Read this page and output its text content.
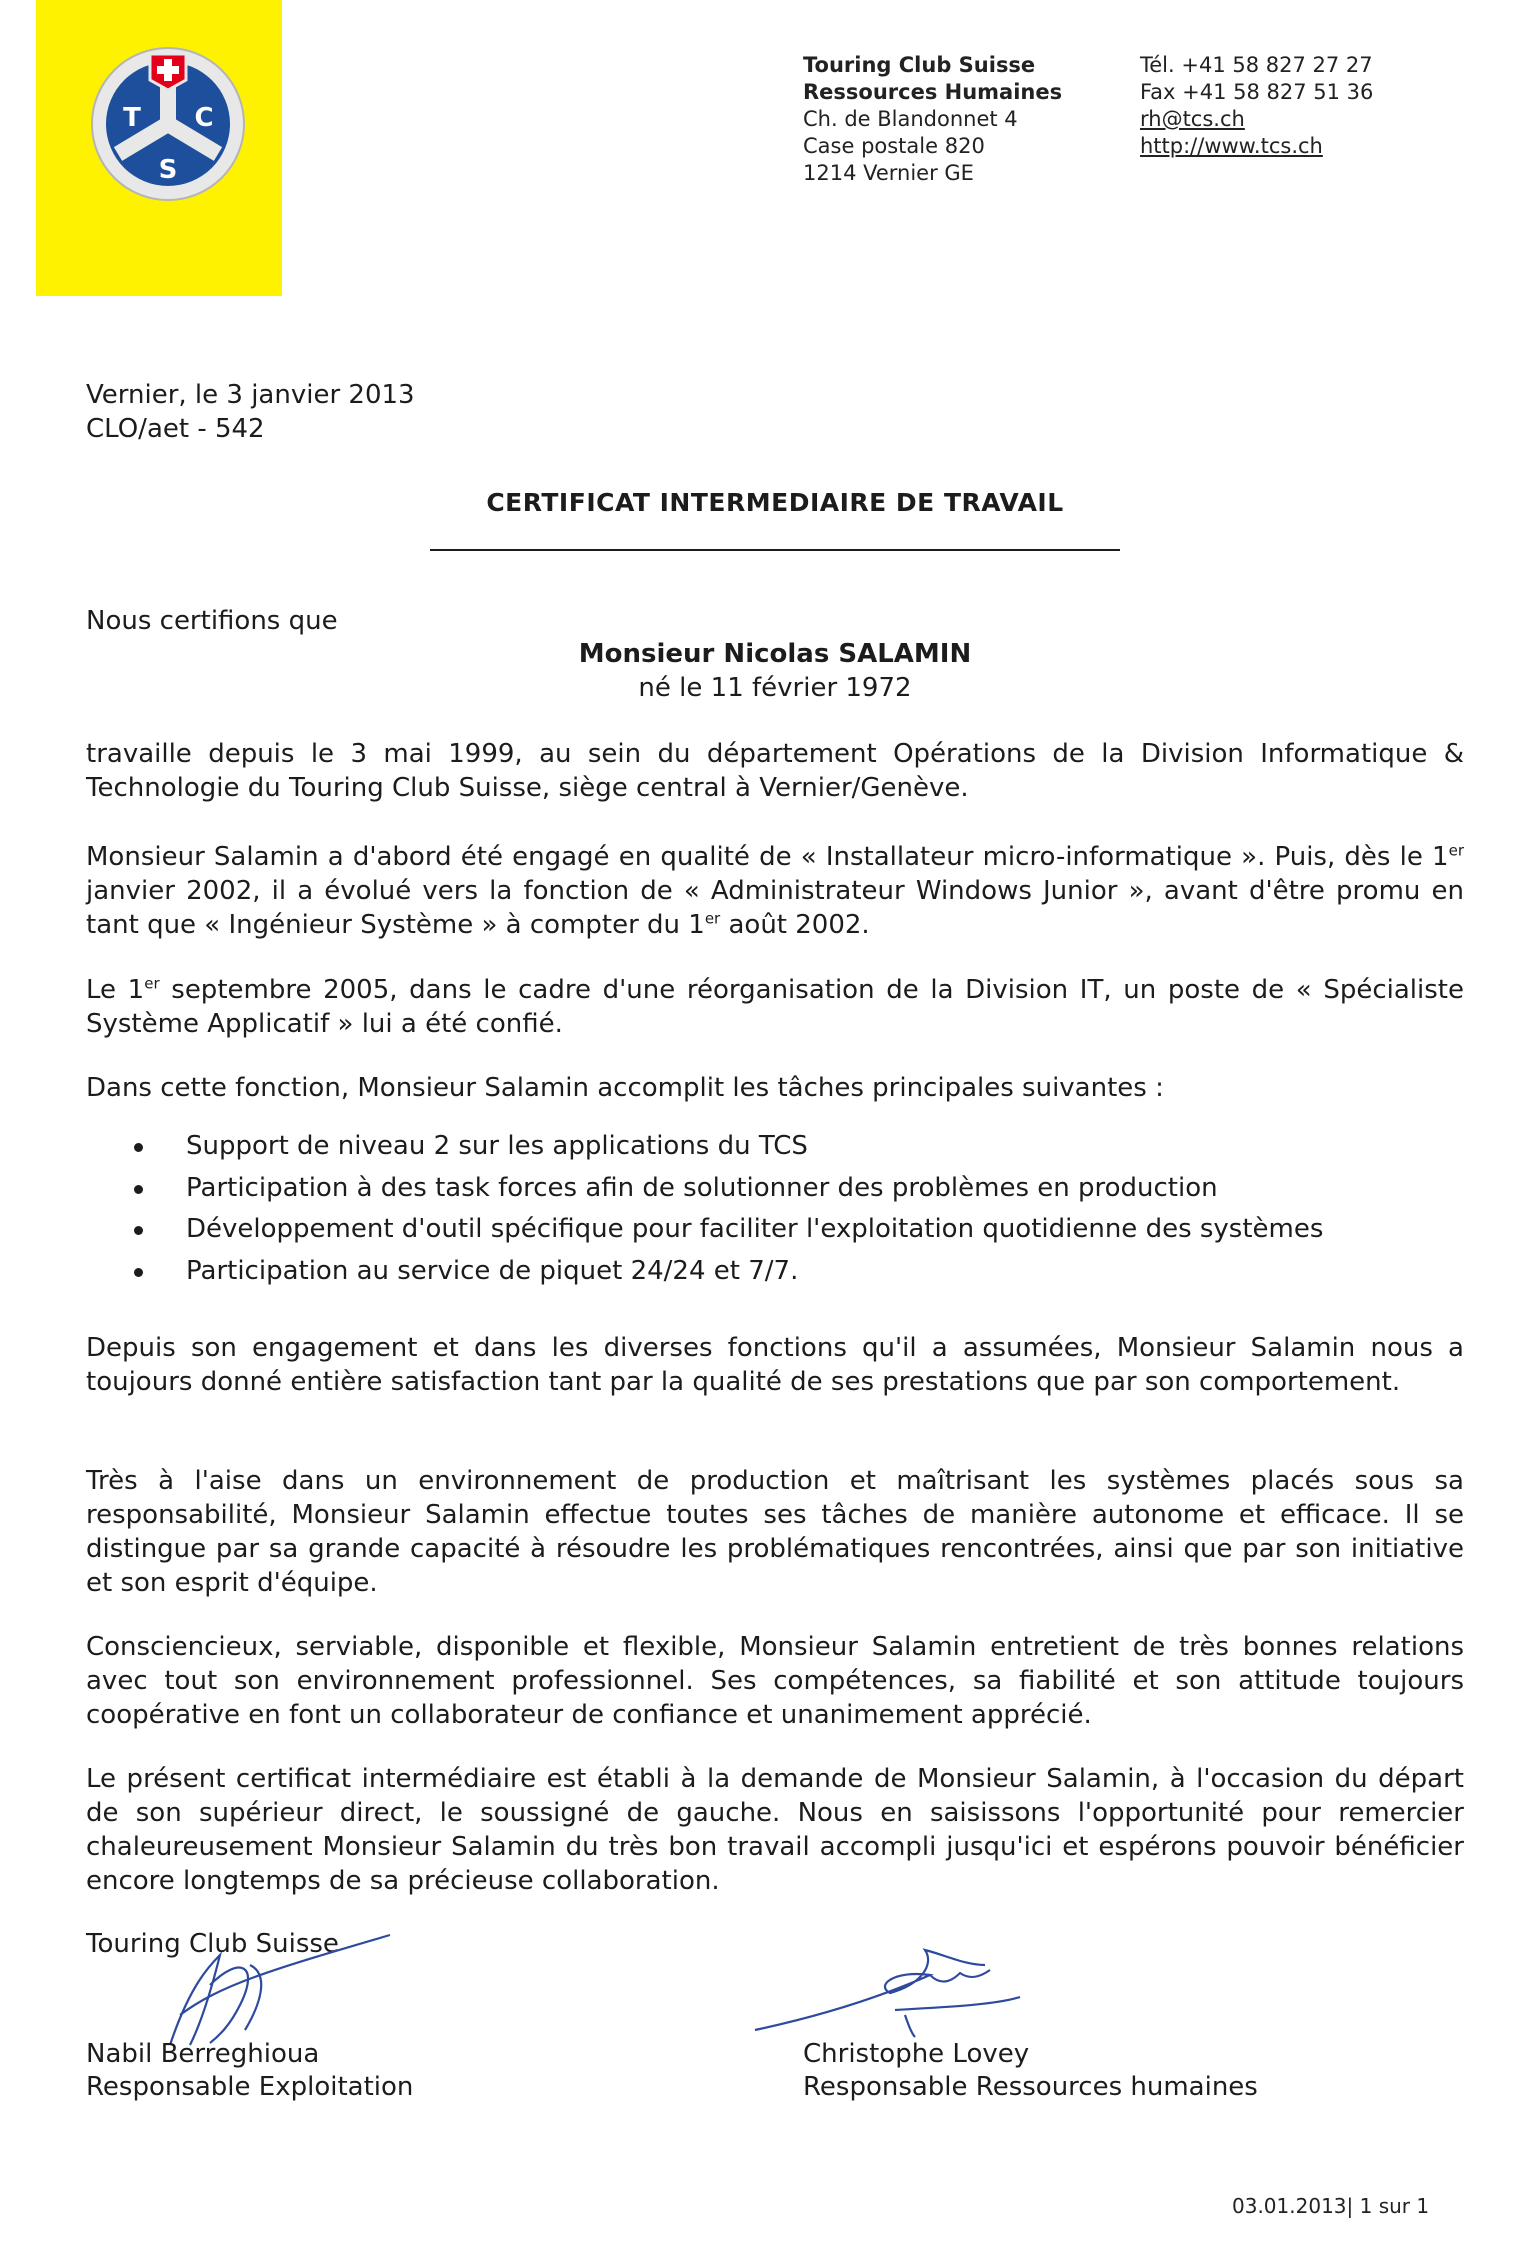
T C
S
Touring Club Suisse
Ressources Humaines
Ch. de Blandonnet 4
Case postale 820
1214 Vernier GE
Tél. +41 58 827 27 27
Fax +41 58 827 51 36
rh@tcs.ch
http://www.tcs.ch
Vernier, le 3 janvier 2013
CLO/aet - 542
CERTIFICAT INTERMEDIAIRE DE TRAVAIL
Nous certifions que
Monsieur Nicolas SALAMIN
né le 11 février 1972
travaille depuis le 3 mai 1999, au sein du département Opérations de la Division Informatique & Technologie du Touring Club Suisse, siège central à Vernier/Genève.
Monsieur Salamin a d'abord été engagé en qualité de « Installateur micro-informatique ». Puis, dès le 1er janvier 2002, il a évolué vers la fonction de « Administrateur Windows Junior », avant d'être promu en tant que « Ingénieur Système » à compter du 1er août 2002.
Le 1er septembre 2005, dans le cadre d'une réorganisation de la Division IT, un poste de « Spécialiste Système Applicatif » lui a été confié.
Dans cette fonction, Monsieur Salamin accomplit les tâches principales suivantes :
Support de niveau 2 sur les applications du TCS
Participation à des task forces afin de solutionner des problèmes en production
Développement d'outil spécifique pour faciliter l'exploitation quotidienne des systèmes
Participation au service de piquet 24/24 et 7/7.
Depuis son engagement et dans les diverses fonctions qu'il a assumées, Monsieur Salamin nous a toujours donné entière satisfaction tant par la qualité de ses prestations que par son comportement.
Très à l'aise dans un environnement de production et maîtrisant les systèmes placés sous sa responsabilité, Monsieur Salamin effectue toutes ses tâches de manière autonome et efficace. Il se distingue par sa grande capacité à résoudre les problématiques rencontrées, ainsi que par son initiative et son esprit d'équipe.
Consciencieux, serviable, disponible et flexible, Monsieur Salamin entretient de très bonnes relations avec tout son environnement professionnel. Ses compétences, sa fiabilité et son attitude toujours coopérative en font un collaborateur de confiance et unanimement apprécié.
Le présent certificat intermédiaire est établi à la demande de Monsieur Salamin, à l'occasion du départ de son supérieur direct, le soussigné de gauche. Nous en saisissons l'opportunité pour remercier chaleureusement Monsieur Salamin du très bon travail accompli jusqu'ici et espérons pouvoir bénéficier encore longtemps de sa précieuse collaboration.
Touring Club Suisse
Nabil Berreghioua
Responsable Exploitation
Christophe Lovey
Responsable Ressources humaines
03.01.2013| 1 sur 1
